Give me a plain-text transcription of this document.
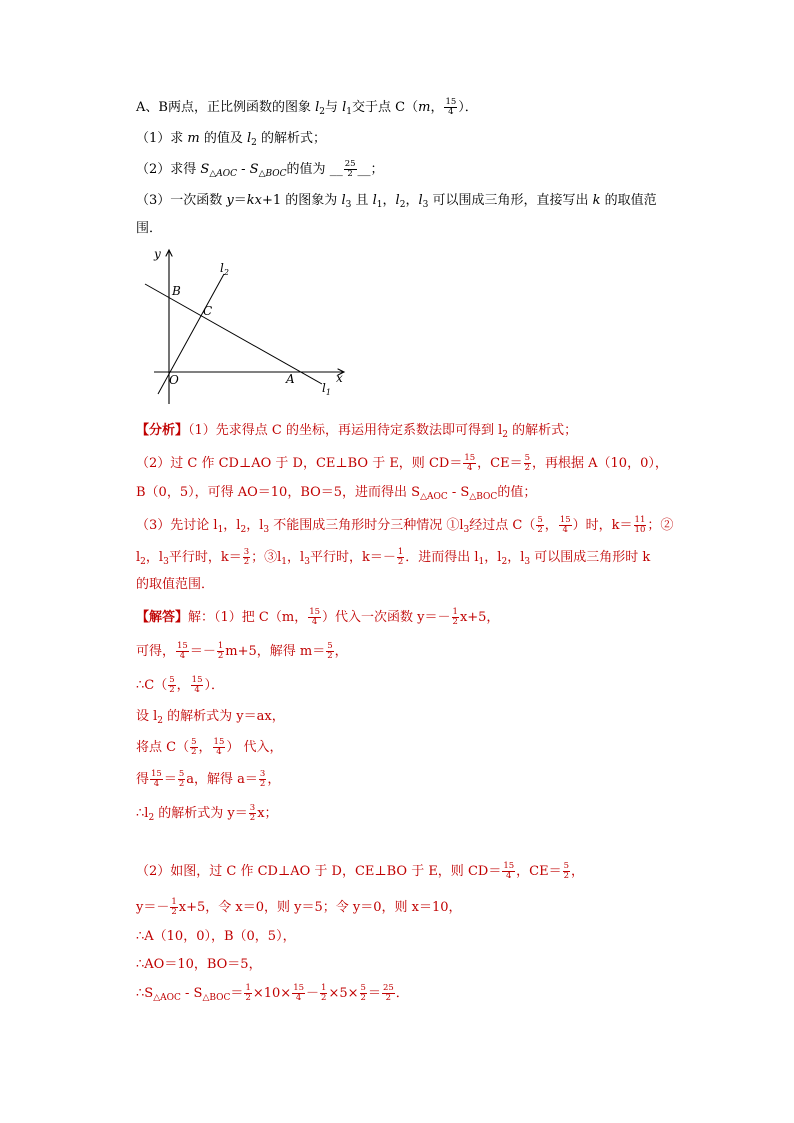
A、B两点，正比例函数的图象 $l_2$与 $l_1$交于点 C（m， $\frac{15}{4}$ ）．
（1）求 m 的值及 $l_2$ 的解析式；
（2）求得 $S_{\triangle AOC} - S_{\triangle BOC}$的值为 __ $\frac{25}{2}$ __；
（3）一次函数 y＝kx+1 的图象为 $l_3$ 且 $l_1$，$l_2$，$l_3$ 可以围成三角形，直接写出 k 的取值范
围．
y
x
$l_2$
$l_1$
B
C
O	A
【分析】（1）先求得点 C 的坐标，再运用待定系数法即可得到 $l_2$ 的解析式；
（2）过 C 作 CD⊥AO 于 D，CE⊥BO 于 E，则 $CD= \frac{15}{4}$ ，$CE= \frac{5}{2}$ ，再根据 A（10，0），
B（0，5），可得 AO＝10，BO＝5，进而得出 $S_{\triangle AOC} - S_{\triangle BOC}$的值；
（3）先讨论 $l_1$，$l_2$，$l_3$ 不能围成三角形时分三种情况 $①l_3$经过点 $C( \frac{5}{2}$ ， $\frac{15}{4}$ ）时，$k= \frac{11}{10}$ ；②
$l_2$，$l_3$平行时，$k= \frac{3}{2}$ ；$③l_1$，$l_3$平行时，$k=- \frac{1}{2}$ ．进而得出 $l_1$，$l_2$，$l_3$ 可以围成三角形时 k
的取值范围．
【解答】解：（1）把 C（m， $\frac{15}{4}$ ）代入一次函数 $y=- \frac{1}{2} x+5$，
可得， $\frac{15}{4} =- \frac{1}{2} m+5$，解得 $m= \frac{5}{2}$ ，
∴C（ $\frac{5}{2}$ ， $\frac{15}{4}$ ）．
设 $l_2$ 的解析式为 y＝ax，
将点 $C( \frac{5}{2}$ ， $\frac{15}{4}$ ） 代入，
得 $\frac{15}{4} = \frac{5}{2}$ a，解得 $a= \frac{3}{2}$ ，
$\therefore l_2$ 的解析式为 $y= \frac{3}{2}$ x；
（2）如图，过 C 作 CD⊥AO 于 D，CE⊥BO 于 E，则 $CD= \frac{15}{4}$ ，$CE= \frac{5}{2}$ ，
$y=- \frac{1}{2} x+5$，令 x＝0，则 y＝5；令 y＝0，则 x＝10，
∴A（10，0），B（0，5），
∴AO＝10，BO＝5，
$\therefore S_{\triangle AOC} - S_{\triangle BOC}= \frac{1}{2} \times 10\times \frac{15}{4} - \frac{1}{2} \times 5\times \frac{5}{2} = \frac{25}{2}$ ．
